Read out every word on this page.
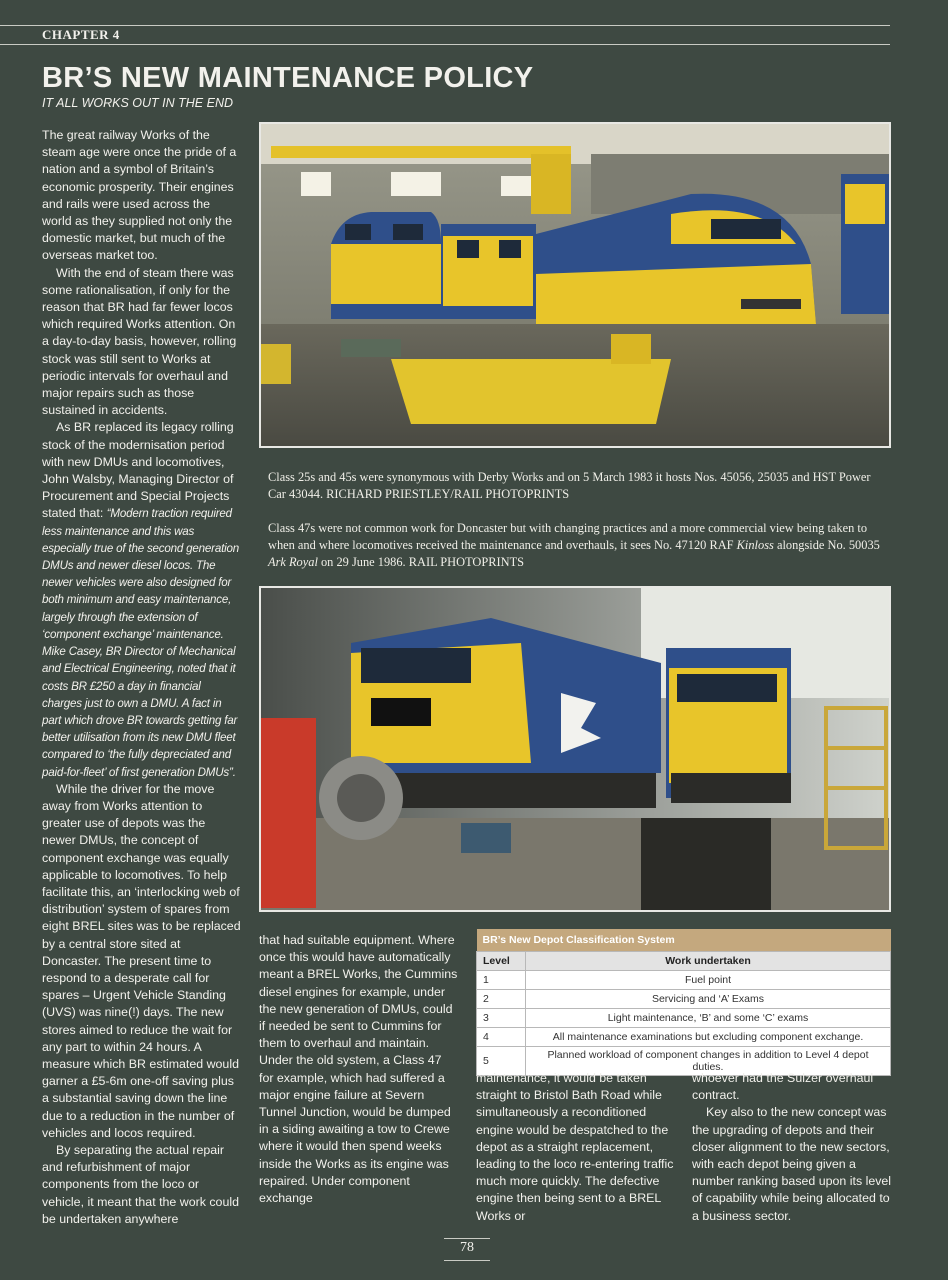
CHAPTER 4
BR’S NEW MAINTENANCE POLICY
IT ALL WORKS OUT IN THE END

The great railway Works of the steam age were once the pride of a nation and a symbol of Britain’s economic prosperity. Their engines and rails were used across the world as they supplied not only the domestic market, but much of the overseas market too.

With the end of steam there was some rationalisation, if only for the reason that BR had far fewer locos which required Works attention. On a day-to-day basis, however, rolling stock was still sent to Works at periodic intervals for overhaul and major repairs such as those sustained in accidents.

As BR replaced its legacy rolling stock of the modernisation period with new DMUs and locomotives, John Walsby, Managing Director of Procurement and Special Projects stated that: “Modern traction required less maintenance and this was especially true of the second generation DMUs and newer diesel locos. The newer vehicles were also designed for both minimum and easy maintenance, largely through the extension of ‘component exchange’ maintenance. Mike Casey, BR Director of Mechanical and Electrical Engineering, noted that it costs BR £250 a day in financial charges just to own a DMU. A fact in part which drove BR towards getting far better utilisation from its new DMU fleet compared to ‘the fully depreciated and paid-for-fleet’ of first generation DMUs”.

While the driver for the move away from Works attention to greater use of depots was the newer DMUs, the concept of component exchange was equally applicable to locomotives. To help facilitate this, an ‘interlocking web of distribution’ system of spares from eight BREL sites was to be replaced by a central store sited at Doncaster. The present time to respond to a desperate call for spares – Urgent Vehicle Standing (UVS) was nine(!) days. The new stores aimed to reduce the wait for any part to within 24 hours. A measure which BR estimated would garner a £5-6m one-off saving plus a substantial saving down the line due to a reduction in the number of vehicles and locos required.

By separating the actual repair and refurbishment of major components from the loco or vehicle, it meant that the work could be undertaken anywhere

Class 25s and 45s were synonymous with Derby Works and on 5 March 1983 it hosts Nos. 45056, 25035 and HST Power Car 43044. RICHARD PRIESTLEY/RAIL PHOTOPRINTS

Class 47s were not common work for Doncaster but with changing practices and a more commercial view being taken to when and where locomotives received the maintenance and overhauls, it sees No. 47120 RAF Kinloss alongside No. 50035 Ark Royal on 29 June 1986. RAIL PHOTOPRINTS

that had suitable equipment. Where once this would have automatically meant a BREL Works, the Cummins diesel engines for example, under the new generation of DMUs, could if needed be sent to Cummins for them to overhaul and maintain. Under the old system, a Class 47 for example, which had suffered a major engine failure at Severn Tunnel Junction, would be dumped in a siding awaiting a tow to Crewe where it would then spend weeks inside the Works as its engine was repaired. Under component exchange

BR’s New Depot Classification System	
Level	Work undertaken
1	Fuel point
2	Servicing and ‘A’ Exams
3	Light maintenance, ‘B’ and some ‘C’ exams
4	All maintenance examinations but excluding component exchange.
5	Planned workload of component changes in addition to Level 4 depot duties.

maintenance, it would be taken straight to Bristol Bath Road while simultaneously a reconditioned engine would be despatched to the depot as a straight replacement, leading to the loco re-entering traffic much more quickly. The defective engine then being sent to a BREL Works or

whoever had the Sulzer overhaul contract.

Key also to the new concept was the upgrading of depots and their closer alignment to the new sectors, with each depot being given a number ranking based upon its level of capability while being allocated to a business sector.

78
